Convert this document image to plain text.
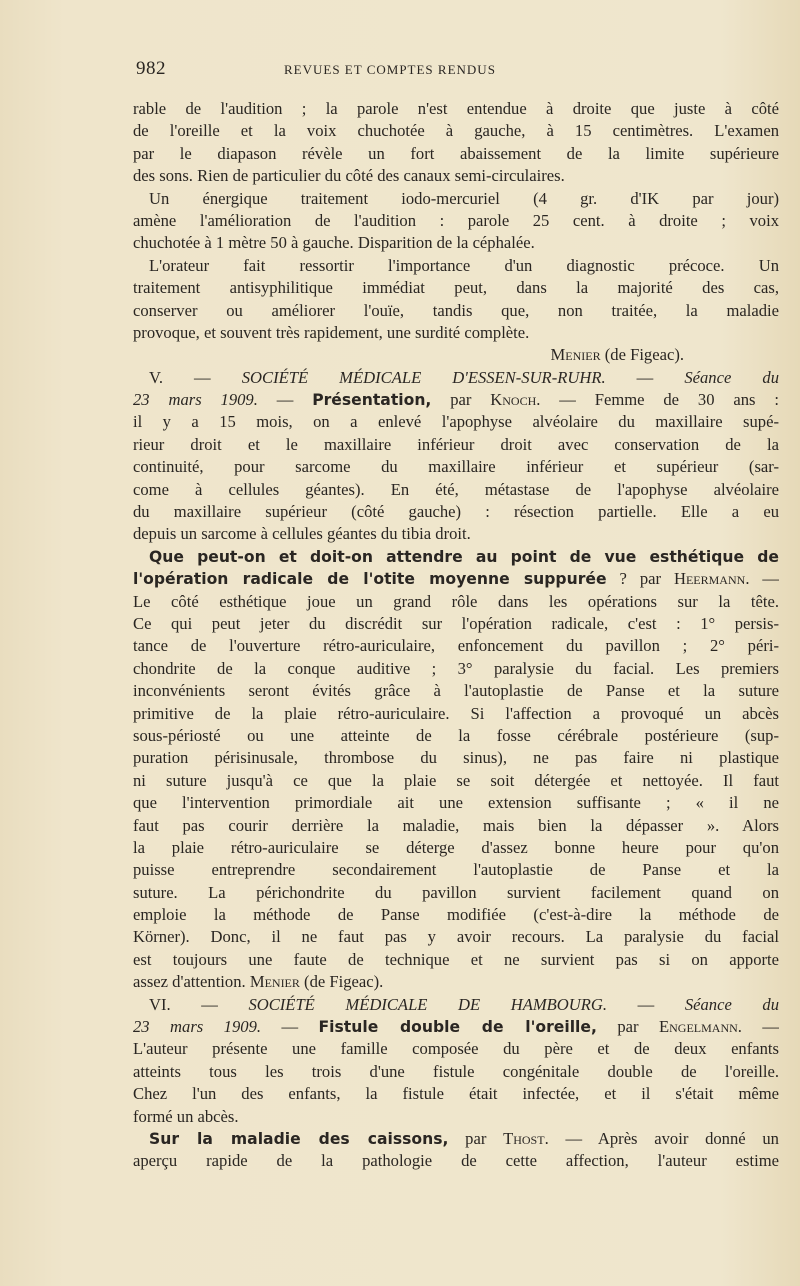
982	REVUES ET COMPTES RENDUS
rable de l'audition ; la parole n'est entendue à droite que juste à côté
de l'oreille et la voix chuchotée à gauche, à 15 centimètres. L'examen
par le diapason révèle un fort abaissement de la limite supérieure
des sons. Rien de particulier du côté des canaux semi-circulaires.
Un énergique traitement iodo-mercuriel (4 gr. d'IK par jour)
amène l'amélioration de l'audition : parole 25 cent. à droite ; voix
chuchotée à 1 mètre 50 à gauche. Disparition de la céphalée.
L'orateur fait ressortir l'importance d'un diagnostic précoce. Un
traitement antisyphilitique immédiat peut, dans la majorité des cas,
conserver ou améliorer l'ouïe, tandis que, non traitée, la maladie
provoque, et souvent très rapidement, une surdité complète.
Menier (de Figeac).
V. — SOCIÉTÉ MÉDICALE D'ESSEN-SUR-RUHR. — Séance du
23 mars 1909. — Présentation, par Knoch. — Femme de 30 ans :
il y a 15 mois, on a enlevé l'apophyse alvéolaire du maxillaire supé-
rieur droit et le maxillaire inférieur droit avec conservation de la
continuité, pour sarcome du maxillaire inférieur et supérieur (sar-
come à cellules géantes). En été, métastase de l'apophyse alvéolaire
du maxillaire supérieur (côté gauche) : résection partielle. Elle a eu
depuis un sarcome à cellules géantes du tibia droit.
Que peut-on et doit-on attendre au point de vue esthétique de
l'opération radicale de l'otite moyenne suppurée ? par Heermann. —
Le côté esthétique joue un grand rôle dans les opérations sur la tête.
Ce qui peut jeter du discrédit sur l'opération radicale, c'est : 1° persis-
tance de l'ouverture rétro-auriculaire, enfoncement du pavillon ; 2° péri-
chondrite de la conque auditive ; 3° paralysie du facial. Les premiers
inconvénients seront évités grâce à l'autoplastie de Panse et la suture
primitive de la plaie rétro-auriculaire. Si l'affection a provoqué un abcès
sous-périosté ou une atteinte de la fosse cérébrale postérieure (sup-
puration périsinusale, thrombose du sinus), ne pas faire ni plastique
ni suture jusqu'à ce que la plaie se soit détergée et nettoyée. Il faut
que l'intervention primordiale ait une extension suffisante ; « il ne
faut pas courir derrière la maladie, mais bien la dépasser ». Alors
la plaie rétro-auriculaire se déterge d'assez bonne heure pour qu'on
puisse entreprendre secondairement l'autoplastie de Panse et la
suture. La périchondrite du pavillon survient facilement quand on
emploie la méthode de Panse modifiée (c'est-à-dire la méthode de
Körner). Donc, il ne faut pas y avoir recours. La paralysie du facial
est toujours une faute de technique et ne survient pas si on apporte
assez d'attention. Menier (de Figeac).
VI. — SOCIÉTÉ MÉDICALE DE HAMBOURG. — Séance du
23 mars 1909. — Fistule double de l'oreille, par Engelmann. —
L'auteur présente une famille composée du père et de deux enfants
atteints tous les trois d'une fistule congénitale double de l'oreille.
Chez l'un des enfants, la fistule était infectée, et il s'était même
formé un abcès.
Sur la maladie des caissons, par Thost. — Après avoir donné un
aperçu rapide de la pathologie de cette affection, l'auteur estime
